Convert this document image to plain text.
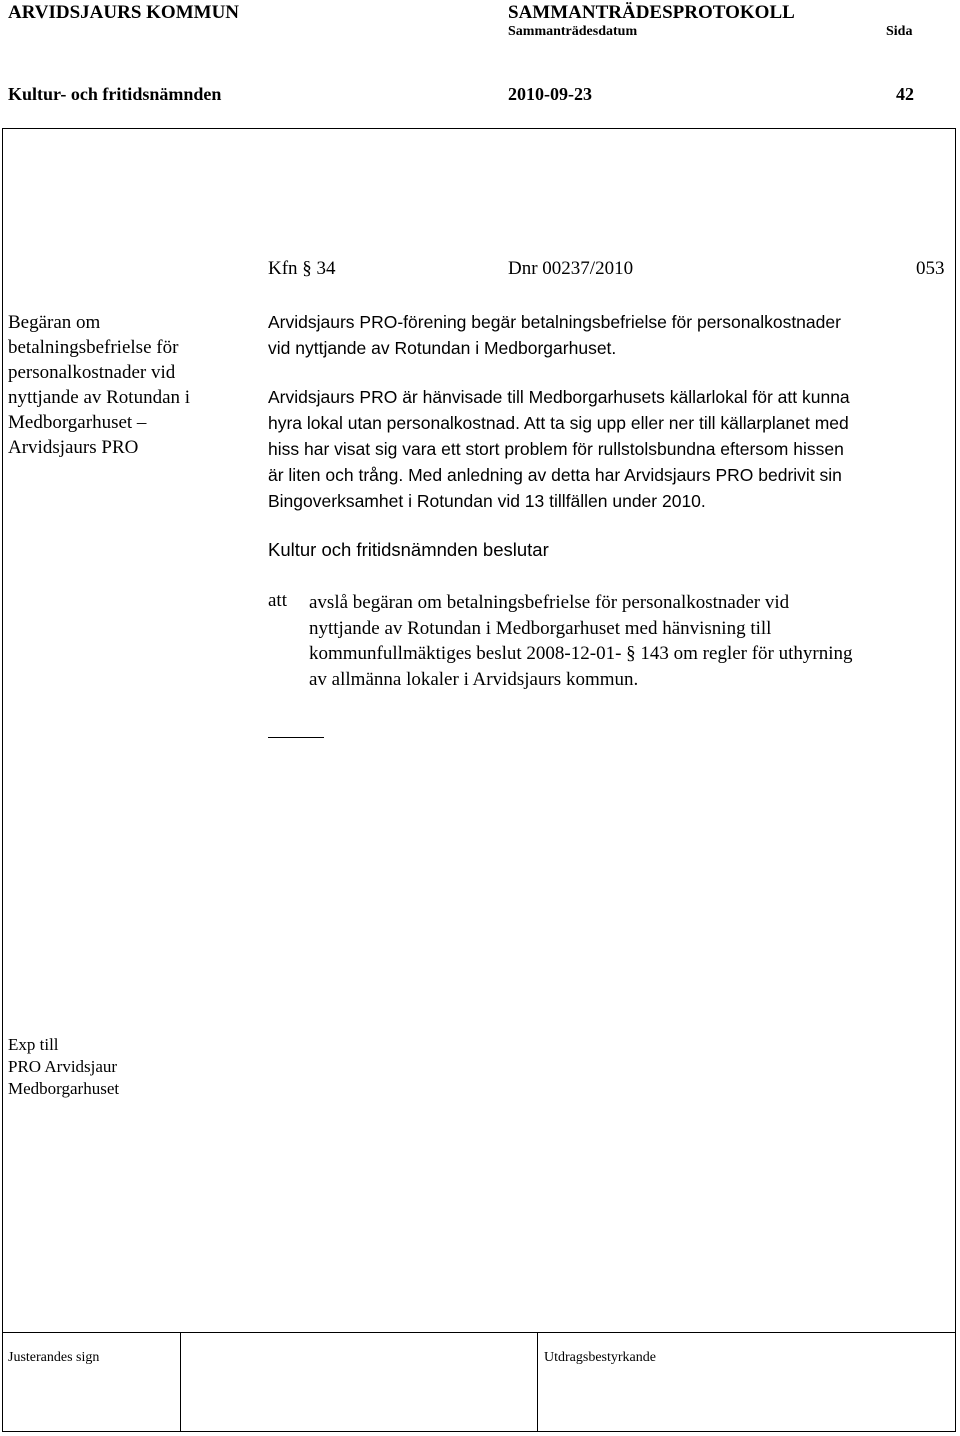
ARVIDSJAURS KOMMUN	SAMMANTRÄDESPROTOKOLL
Sammanträdesdatum	Sida
Kultur- och fritidsnämnden	2010-09-23	42
Kfn § 34	Dnr 00237/2010	053
Begäran om
betalningsbefrielse för
personalkostnader vid
nyttjande av Rotundan i
Medborgarhuset –
Arvidsjaurs PRO
Arvidsjaurs PRO-förening begär betalningsbefrielse för personalkostnader
vid nyttjande av Rotundan i Medborgarhuset.
Arvidsjaurs PRO är hänvisade till Medborgarhusets källarlokal för att kunna
hyra lokal utan personalkostnad. Att ta sig upp eller ner till källarplanet med
hiss har visat sig vara ett stort problem för rullstolsbundna eftersom hissen
är liten och trång. Med anledning av detta har Arvidsjaurs PRO bedrivit sin
Bingoverksamhet i Rotundan vid 13 tillfällen under 2010.
Kultur och fritidsnämnden beslutar
att avslå begäran om betalningsbefrielse för personalkostnader vid
nyttjande av Rotundan i Medborgarhuset med hänvisning till
kommunfullmäktiges beslut 2008-12-01- § 143 om regler för uthyrning
av allmänna lokaler i Arvidsjaurs kommun.
Exp till
PRO Arvidsjaur
Medborgarhuset
Justerandes sign	Utdragsbestyrkande
